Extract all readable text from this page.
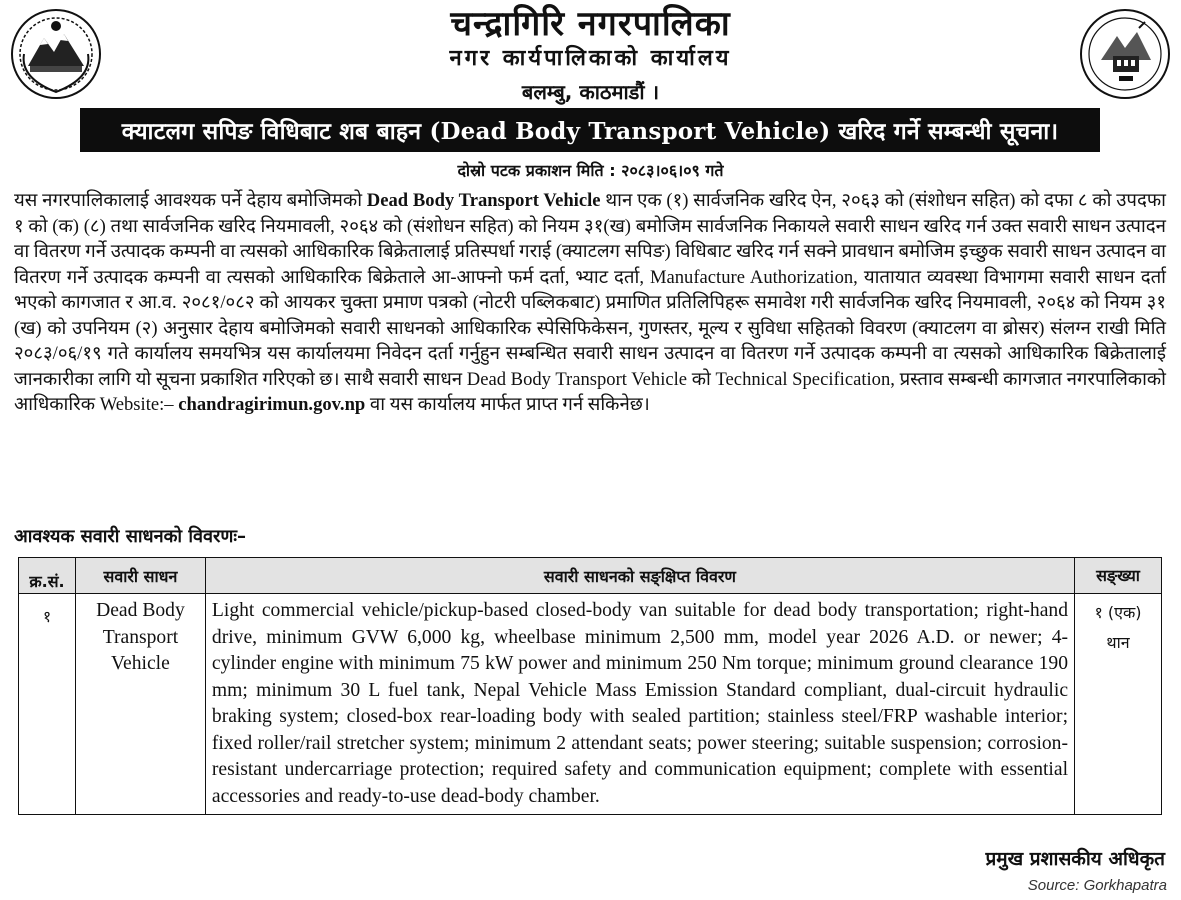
चन्द्रागिरि नगरपालिका
नगर कार्यपालिकाको कार्यालय
बलम्बु, काठमाडौं ।
क्याटलग सपिङ विधिबाट शब बाहन (Dead Body Transport Vehicle) खरिद गर्ने सम्बन्धी सूचना।
दोस्रो पटक प्रकाशन मिति : २०८३।०६।०९ गते

यस नगरपालिकालाई आवश्यक पर्ने देहाय बमोजिमको Dead Body Transport Vehicle थान एक (१) सार्वजनिक खरिद ऐन, २०६३ को (संशोधन सहित) को दफा ८ को उपदफा १ को (क) (८) तथा सार्वजनिक खरिद नियमावली, २०६४ को (संशोधन सहित) को नियम ३१(ख) बमोजिम सार्वजनिक निकायले सवारी साधन खरिद गर्न उक्त सवारी साधन उत्पादन वा वितरण गर्ने उत्पादक कम्पनी वा त्यसको आधिकारिक बिक्रेतालाई प्रतिस्पर्धा गराई (क्याटलग सपिङ) विधिबाट खरिद गर्न सक्ने प्रावधान बमोजिम इच्छुक सवारी साधन उत्पादन वा वितरण गर्ने उत्पादक कम्पनी वा त्यसको आधिकारिक बिक्रेताले आ-आफ्नो फर्म दर्ता, भ्याट दर्ता, Manufacture Authorization, यातायात व्यवस्था विभागमा सवारी साधन दर्ता भएको कागजात र आ.व. २०८१/०८२ को आयकर चुक्ता प्रमाण पत्रको (नोटरी पब्लिकबाट) प्रमाणित प्रतिलिपिहरू समावेश गरी सार्वजनिक खरिद नियमावली, २०६४ को नियम ३१ (ख) को उपनियम (२) अनुसार देहाय बमोजिमको सवारी साधनको आधिकारिक स्पेसिफिकेसन, गुणस्तर, मूल्य र सुविधा सहितको विवरण (क्याटलग वा ब्रोसर) संलग्न राखी मिति २०८३/०६/१९ गते कार्यालय समयभित्र यस कार्यालयमा निवेदन दर्ता गर्नुहुन सम्बन्धित सवारी साधन उत्पादन वा वितरण गर्ने उत्पादक कम्पनी वा त्यसको आधिकारिक बिक्रेतालाई जानकारीका लागि यो सूचना प्रकाशित गरिएको छ। साथै सवारी साधन Dead Body Transport Vehicle को Technical Specification, प्रस्ताव सम्बन्धी कागजात नगरपालिकाको आधिकारिक Website:– chandragirimun.gov.np वा यस कार्यालय मार्फत प्राप्त गर्न सकिनेछ।

आवश्यक सवारी साधनको विवरणः–
क्र.सं.	सवारी साधन	सवारी साधनको सङ्क्षिप्त विवरण	सङ्ख्या
१	Dead Body Transport Vehicle	Light commercial vehicle/pickup-based closed-body van suitable for dead body transportation; right-hand drive, minimum GVW 6,000 kg, wheelbase minimum 2,500 mm, model year 2026 A.D. or newer; 4-cylinder engine with minimum 75 kW power and minimum 250 Nm torque; minimum ground clearance 190 mm; minimum 30 L fuel tank, Nepal Vehicle Mass Emission Standard compliant, dual-circuit hydraulic braking system; closed-box rear-loading body with sealed partition; stainless steel/FRP washable interior; fixed roller/rail stretcher system; minimum 2 attendant seats; power steering; suitable suspension; corrosion-resistant undercarriage protection; required safety and communication equipment; complete with essential accessories and ready-to-use dead-body chamber.	१ (एक) थान
प्रमुख प्रशासकीय अधिकृत
Source: Gorkhapatra
